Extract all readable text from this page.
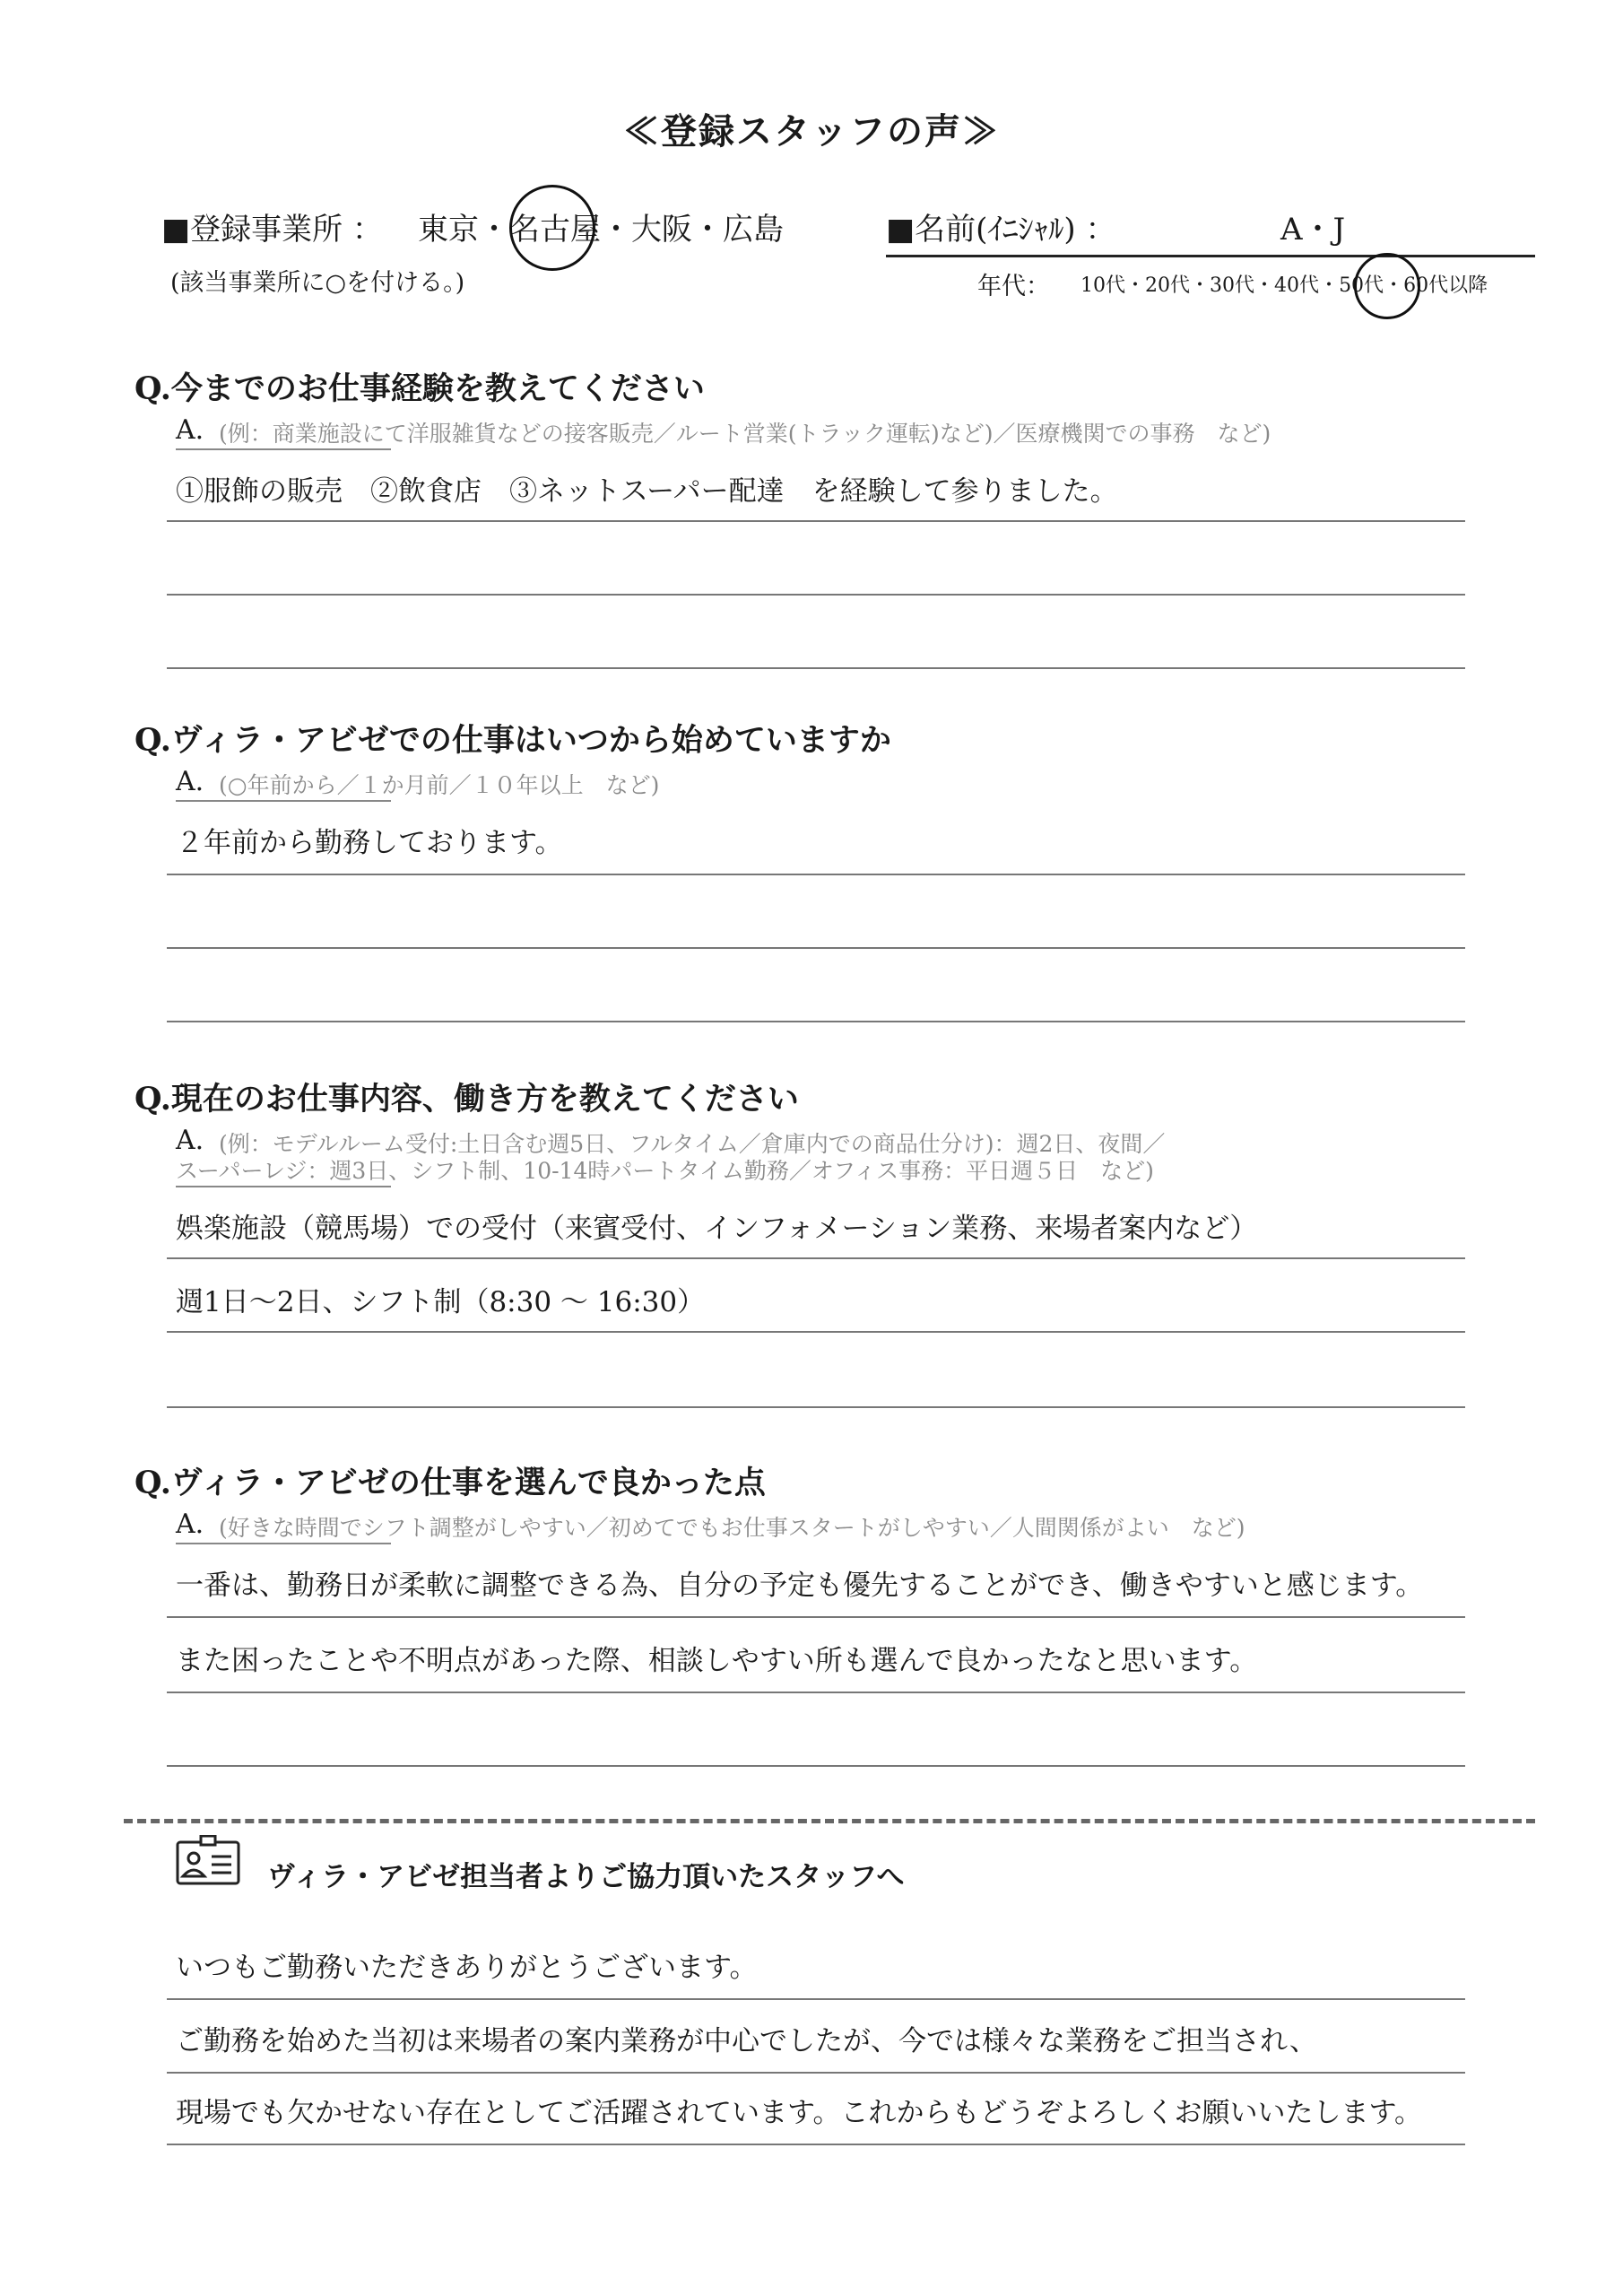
≪登録スタッフの声≫
■登録事業所 ： 東京・名古屋・大阪・広島
(該当事業所に○を付ける。)
■名前(ｲﾆｼｬﾙ) ：	A・J
年代： 10代・20代・30代・40代・50代・60代以降
Q.今までのお仕事経験を教えてください
A. (例：商業施設にて洋服雑貨などの接客販売／ルート営業(トラック運転)など)／医療機関での事務　など)
①服飾の販売　②飲食店　③ネットスーパー配達　を経験して参りました。
Q.ヴィラ・アビゼでの仕事はいつから始めていますか
A. (○年前から／１か月前／１０年以上　など)
２年前から勤務しております。
Q.現在のお仕事内容、働き方を教えてください
A. (例：モデルルーム受付:土日含む週5日、フルタイム／倉庫内での商品仕分け)：週2日、夜間／
スーパーレジ：週3日、シフト制、10-14時パートタイム勤務／オフィス事務：平日週５日　など)
娯楽施設（競馬場）での受付（来賓受付、インフォメーション業務、来場者案内など）
週1日〜2日、シフト制（8:30 〜 16:30）
Q.ヴィラ・アビゼの仕事を選んで良かった点
A. (好きな時間でシフト調整がしやすい／初めてでもお仕事スタートがしやすい／人間関係がよい　など)
一番は、勤務日が柔軟に調整できる為、自分の予定も優先することができ、働きやすいと感じます。
また困ったことや不明点があった際、相談しやすい所も選んで良かったなと思います。
ヴィラ・アビゼ担当者よりご協力頂いたスタッフへ
いつもご勤務いただきありがとうございます。
ご勤務を始めた当初は来場者の案内業務が中心でしたが、今では様々な業務をご担当され、
現場でも欠かせない存在としてご活躍されています。これからもどうぞよろしくお願いいたします。
